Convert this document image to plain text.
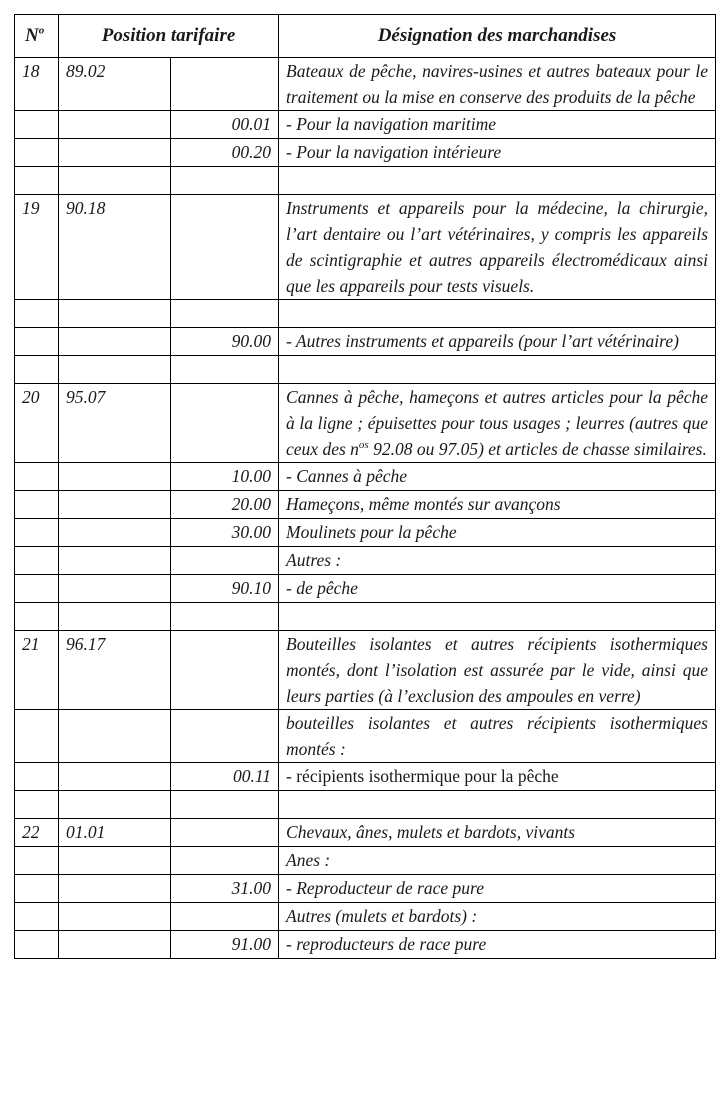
$N^o$	Position tarifaire		Désignation des marchandises
18	89.02		Bateaux de pêche, navires-usines et autres bateaux pour le traitement ou la mise en conserve des produits de la pêche
		00.01	- Pour la navigation maritime
		00.20	- Pour la navigation intérieure

19	90.18		Instruments et appareils pour la médecine, la chirurgie, l’art dentaire ou l’art vétérinaires, y compris les appareils de scintigraphie et autres appareils électromédicaux ainsi que les appareils pour tests visuels.

		90.00	- Autres instruments et appareils (pour l’art vétérinaire)

20	95.07		Cannes à pêche, hameçons et autres articles pour la pêche à la ligne ; épuisettes pour tous usages ; leurres (autres que ceux des $n^{os}$ 92.08 ou 97.05) et articles de chasse similaires.
		10.00	- Cannes à pêche
		20.00	Hameçons, même montés sur avançons
		30.00	Moulinets pour la pêche
			Autres :
		90.10	- de pêche

21	96.17		Bouteilles isolantes et autres récipients isothermiques montés, dont l’isolation est assurée par le vide, ainsi que leurs parties (à l’exclusion des ampoules en verre)
			bouteilles isolantes et autres récipients isothermiques montés :
		00.11	- récipients isothermique pour la pêche

22	01.01		Chevaux, ânes, mulets et bardots, vivants
			Anes :
		31.00	- Reproducteur de race pure
			Autres (mulets et bardots) :
		91.00	- reproducteurs de race pure
